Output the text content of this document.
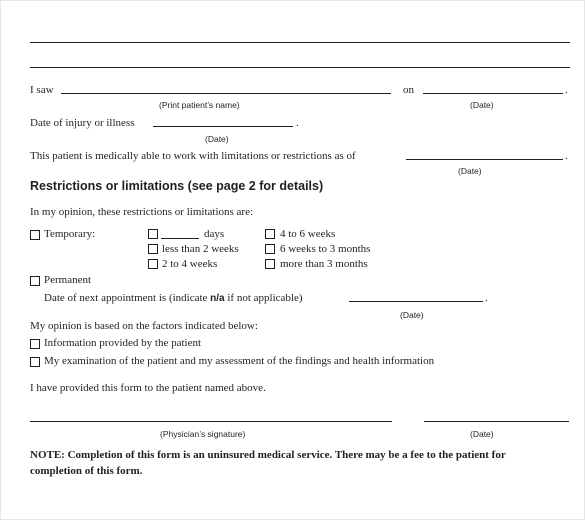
I saw	on	.
(Print patient’s name)	(Date)
Date of injury or illness	.
(Date)
This patient is medically able to work with limitations or restrictions as of	.
(Date)
Restrictions or limitations (see page 2 for details)
In my opinion, these restrictions or limitations are:
Temporary:	days
less than 2 weeks
2 to 4 weeks
4 to 6 weeks
6 weeks to 3 months
more than 3 months
Permanent
Date of next appointment is (indicate n/a if not applicable)	.
(Date)
My opinion is based on the factors indicated below:
Information provided by the patient
My examination of the patient and my assessment of the findings and health information
I have provided this form to the patient named above.
(Physician’s signature)	(Date)
NOTE: Completion of this form is an uninsured medical service. There may be a fee to the patient for completion of this form.
